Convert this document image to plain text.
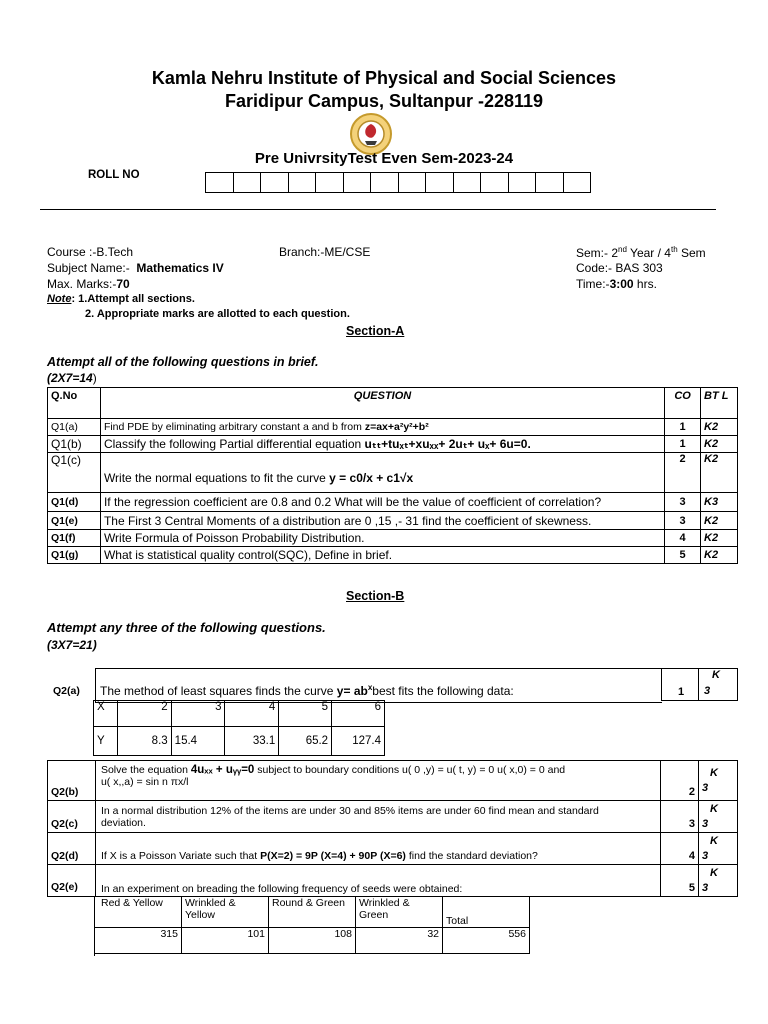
Kamla Nehru Institute of Physical and Social Sciences
Faridipur Campus, Sultanpur -228119
Pre UnivrsityTest Even Sem-2023-24
ROLL NO
Course :-B.Tech	Branch:-ME/CSE	Sem:- 2nd Year / 4th Sem
Subject Name:- Mathematics IV	Code:- BAS 303
Max. Marks:-70	Time:-3:00 hrs.
Note: 1.Attempt all sections.
2. Appropriate marks are allotted to each question.
Section-A
Attempt all of the following questions in brief.
(2X7=14)
Q.No	QUESTION	CO	BT L
Q1(a)	Find PDE by eliminating arbitrary constant a and b from z=ax+a²y²+b²	1	K2
Q1(b)	Classify the following Partial differential equation uₜₜ+tuₓₜ+xuₓₓ+ 2uₜ+ uₓ+ 6u=0.	1	K2
Q1(c)	Write the normal equations to fit the curve y = c0/x + c1√x	2	K2
Q1(d)	If the regression coefficient are 0.8 and 0.2 What will be the value of coefficient of correlation?	3	K3
Q1(e)	The First 3 Central Moments of a distribution are 0 ,15 ,- 31 find the coefficient of skewness.	3	K2
Q1(f)	Write Formula of Poisson Probability Distribution.	4	K2
Q1(g)	What is statistical quality control(SQC), Define in brief.	5	K2
Section-B
Attempt any three of the following questions.
(3X7=21)
Q2(a) The method of least squares finds the curve $y= ab^xbest$ fits the following data:	1
K
3
X	2	3	4	5	6
Y	8.3	15.4	33.1	65.2	127.4
Q2(b)	Solve the equation 4uₓₓ + uᵧᵧ=0 subject to boundary conditions u( 0 ,y) = u( t, y) = 0 u( x,0) = 0 and
u( x,,a) = sin n πx/l	2	K
3
Q2(c)	In a normal distribution 12% of the items are under 30 and 85% items are under 60 find mean and standard
deviation.	3	K
3
Q2(d)	If X is a Poisson Variate such that P(X=2) = 9P (X=4) + 90P (X=6) find the standard deviation?	4	K
3
Q2(e)	In an experiment on breading the following frequency of seeds were obtained:	5	K
3
Red & Yellow	Wrinkled & Yellow	Round & Green	Wrinkled & Green	Total
315	101	108	32	556
